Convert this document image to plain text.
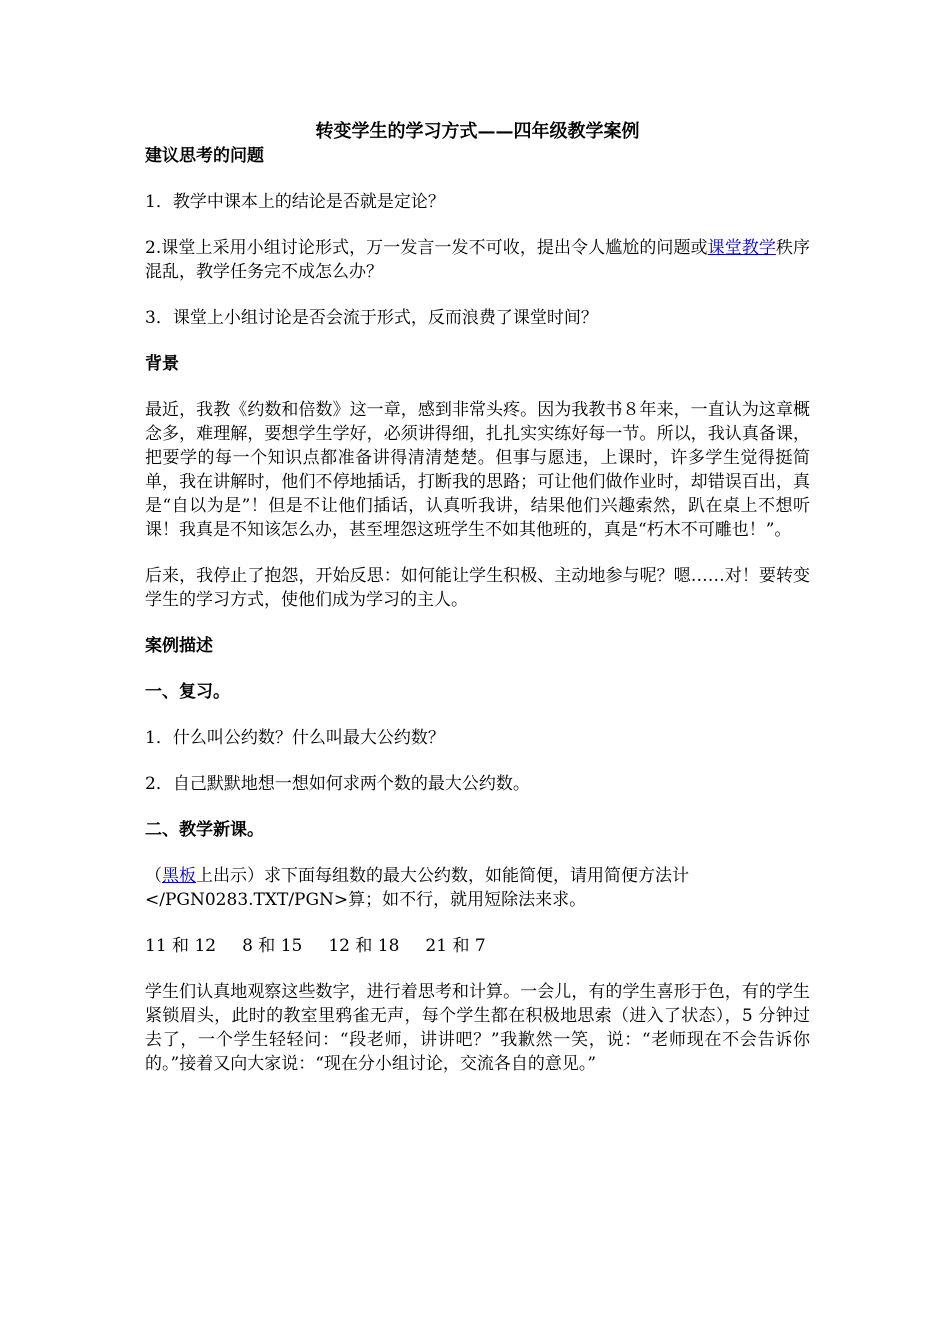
转变学生的学习方式——四年级教学案例
建议思考的问题

1．教学中课本上的结论是否就是定论？

2.课堂上采用小组讨论形式，万一发言一发不可收，提出令人尴尬的问题或课堂教学秩序混乱，教学任务完不成怎么办？

3．课堂上小组讨论是否会流于形式，反而浪费了课堂时间？

背景

最近，我教《约数和倍数》这一章，感到非常头疼。因为我教书８年来，一直认为这章概念多，难理解，要想学生学好，必须讲得细，扎扎实实练好每一节。所以，我认真备课，把要学的每一个知识点都准备讲得清清楚楚。但事与愿违，上课时，许多学生觉得挺简单，我在讲解时，他们不停地插话，打断我的思路；可让他们做作业时，却错误百出，真是“自以为是”！但是不让他们插话，认真听我讲，结果他们兴趣索然，趴在桌上不想听课！我真是不知该怎么办，甚至埋怨这班学生不如其他班的，真是“朽木不可雕也！”。

后来，我停止了抱怨，开始反思：如何能让学生积极、主动地参与呢？嗯……对！要转变学生的学习方式，使他们成为学习的主人。

案例描述
一、复习。

1．什么叫公约数？什么叫最大公约数？

2．自己默默地想一想如何求两个数的最大公约数。

二、教学新课。

（黑板上出示）求下面每组数的最大公约数，如能简便，请用简便方法计</PGN0283.TXT/PGN>算；如不行，就用短除法来求。

11 和 12 8 和 15 12 和 18 21 和 7

学生们认真地观察这些数字，进行着思考和计算。一会儿，有的学生喜形于色，有的学生紧锁眉头，此时的教室里鸦雀无声，每个学生都在积极地思索（进入了状态），5 分钟过去了，一个学生轻轻问：“段老师，讲讲吧？”我歉然一笑，说：“老师现在不会告诉你的。”接着又向大家说：“现在分小组讨论，交流各自的意见。”
